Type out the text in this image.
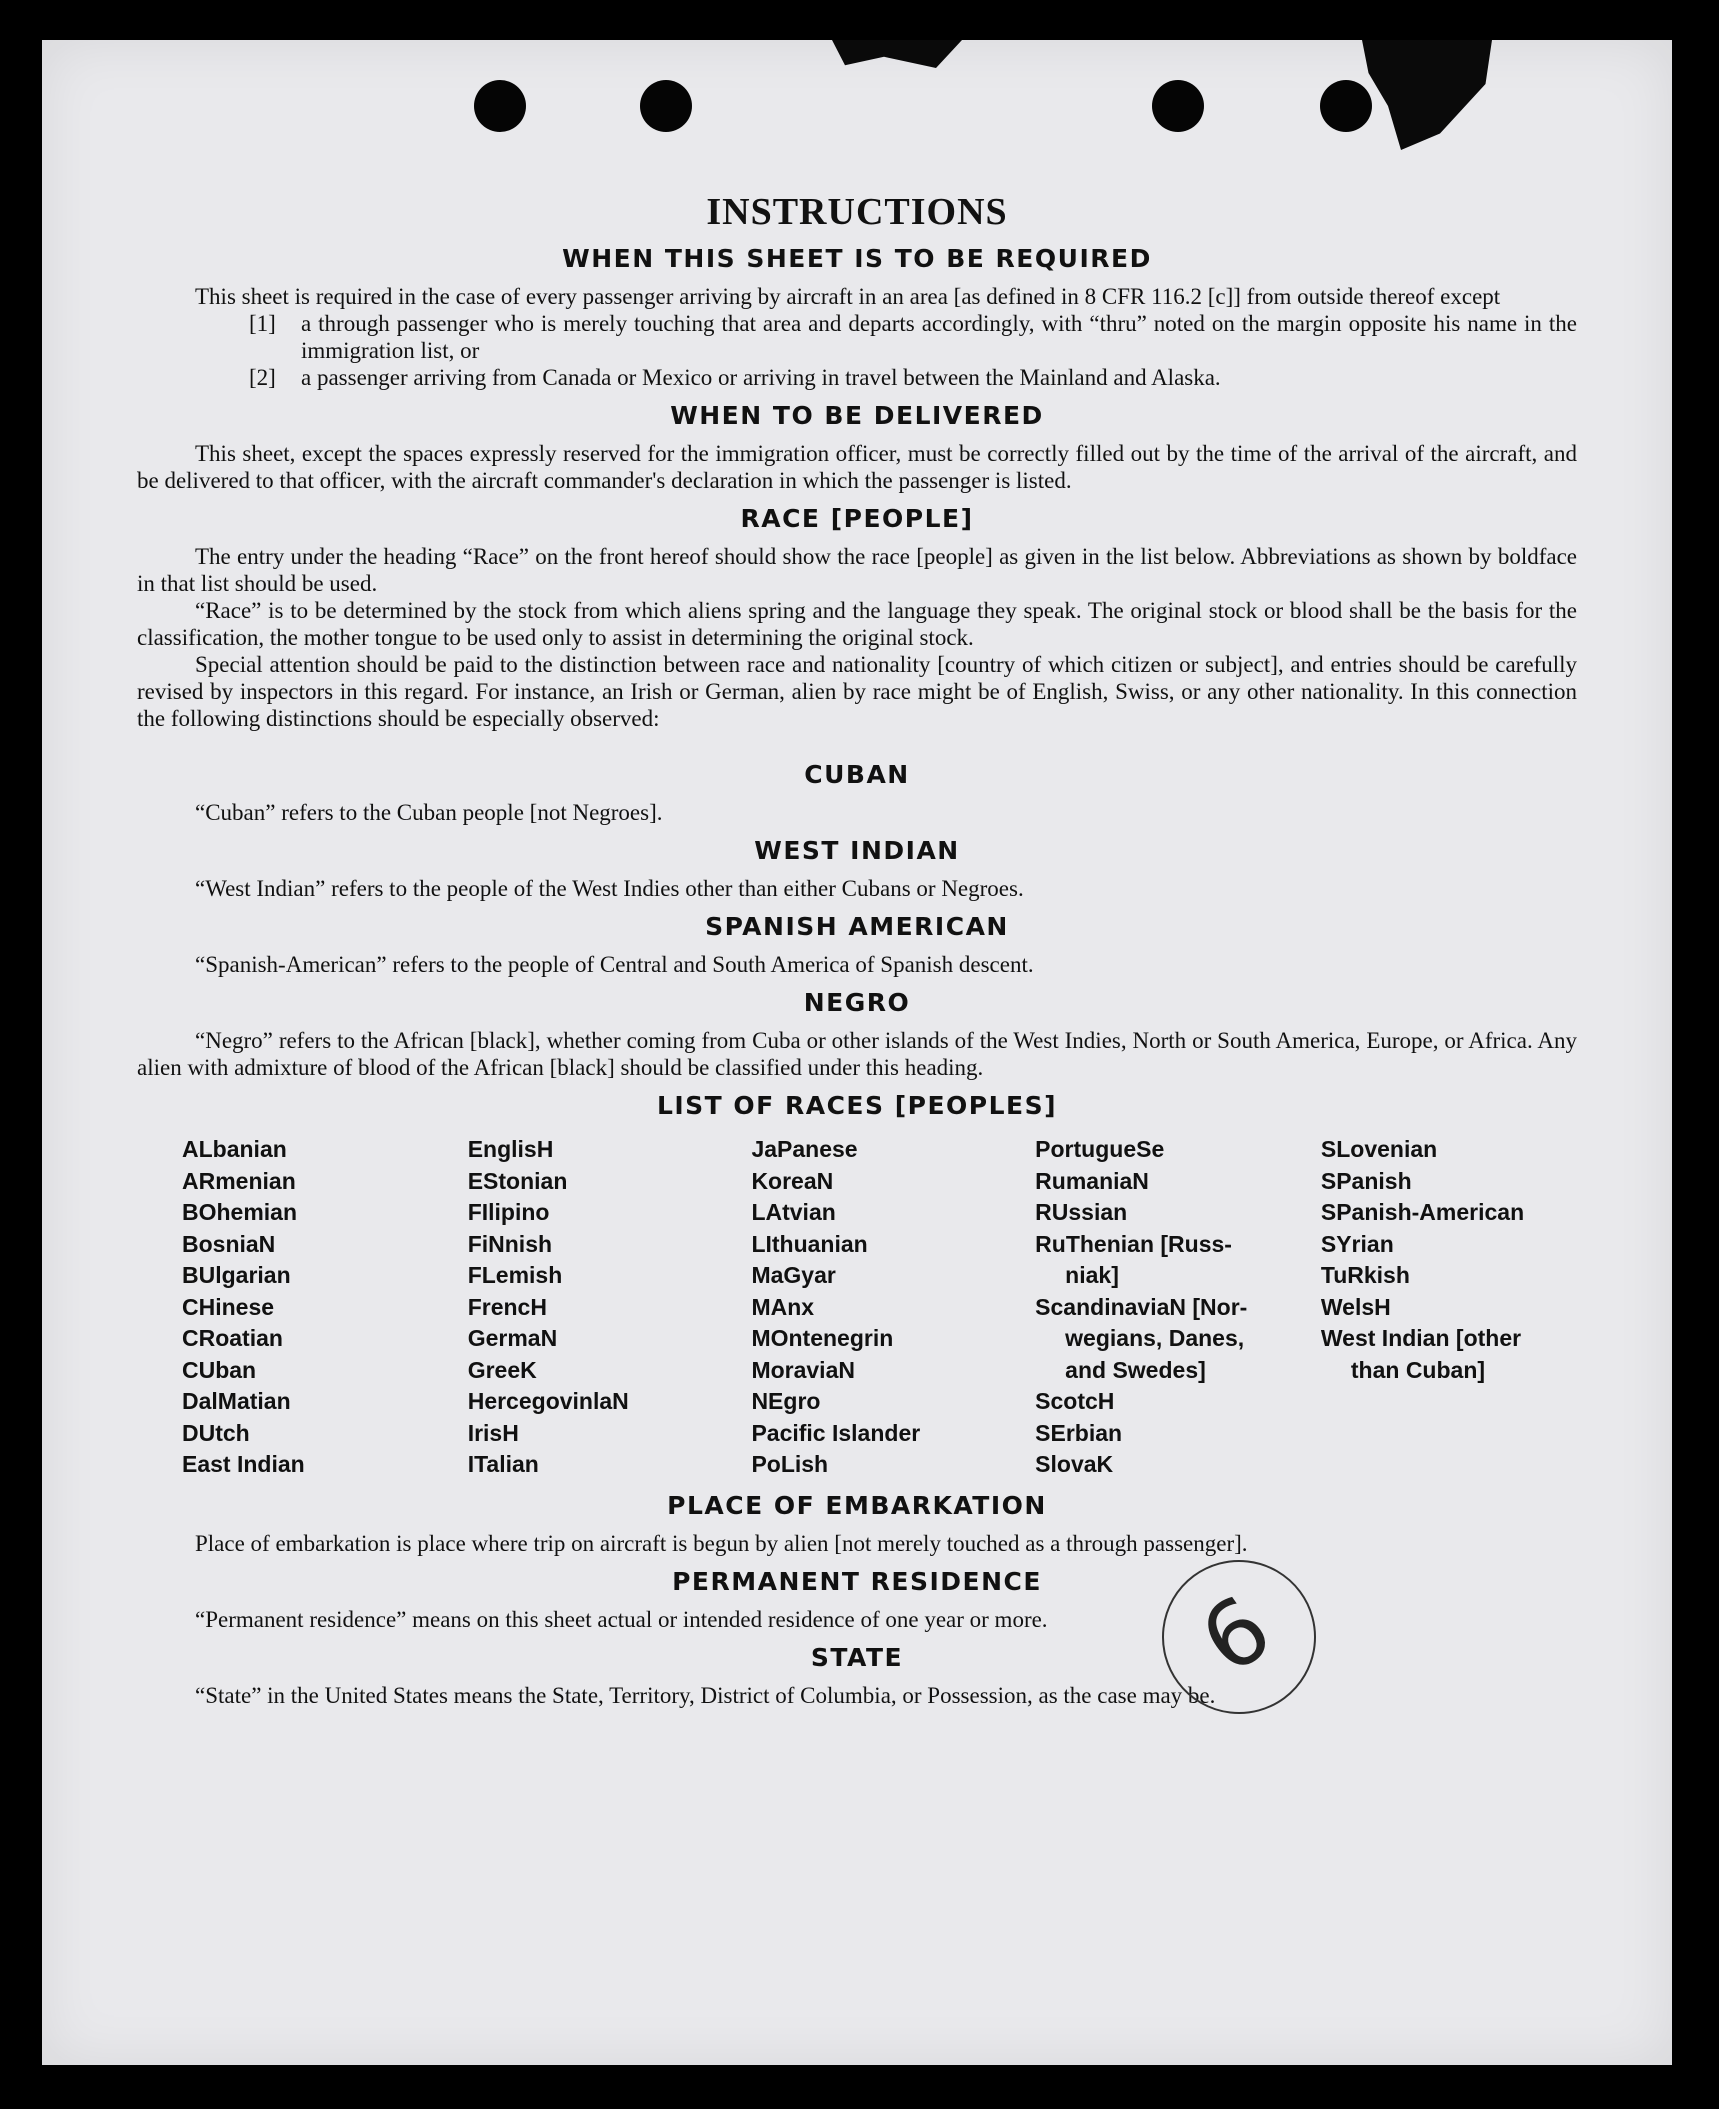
INSTRUCTIONS
WHEN THIS SHEET IS TO BE REQUIRED

This sheet is required in the case of every passenger arriving by aircraft in an area [as defined in 8 CFR 116.2 [c]] from outside thereof except

[1]	a through passenger who is merely touching that area and departs accordingly, with “thru” noted on the margin opposite his name in the immigration list, or
[2]	a passenger arriving from Canada or Mexico or arriving in travel between the Mainland and Alaska.
WHEN TO BE DELIVERED

This sheet, except the spaces expressly reserved for the immigration officer, must be correctly filled out by the time of the arrival of the aircraft, and be delivered to that officer, with the aircraft commander's declaration in which the passenger is listed.

RACE [PEOPLE]

The entry under the heading “Race” on the front hereof should show the race [people] as given in the list below. Abbreviations as shown by boldface in that list should be used.

“Race” is to be determined by the stock from which aliens spring and the language they speak. The original stock or blood shall be the basis for the classification, the mother tongue to be used only to assist in determining the original stock.

Special attention should be paid to the distinction between race and nationality [country of which citizen or subject], and entries should be carefully revised by inspectors in this regard. For instance, an Irish or German, alien by race might be of English, Swiss, or any other nationality. In this connection the following distinctions should be especially observed:

CUBAN

“Cuban” refers to the Cuban people [not Negroes].

WEST INDIAN

“West Indian” refers to the people of the West Indies other than either Cubans or Negroes.

SPANISH AMERICAN

“Spanish-American” refers to the people of Central and South America of Spanish descent.

NEGRO

“Negro” refers to the African [black], whether coming from Cuba or other islands of the West Indies, North or South America, Europe, or Africa. Any alien with admixture of blood of the African [black] should be classified under this heading.

LIST OF RACES [PEOPLES]
ALbanian
ARmenian
BOhemian
BosniaN
BUlgarian
CHinese
CRoatian
CUban
DalMatian
DUtch
East Indian
EnglisH
EStonian
FIlipino
FiNnish
FLemish
FrencH
GermaN
GreeK
HercegovinlaN
IrisH
ITalian
JaPanese
KoreaN
LAtvian
LIthuanian
MaGyar
MAnx
MOntenegrin
MoraviaN
NEgro
Pacific Islander
PoLish
PortugueSe
RumaniaN
RUssian
RuThenian [Russ-
niak]
ScandinaviaN [Nor-
wegians, Danes,
and Swedes]
ScotcH
SErbian
SlovaK
SLovenian
SPanish
SPanish-American
SYrian
TuRkish
WelsH
West Indian [other
than Cuban]
PLACE OF EMBARKATION

Place of embarkation is place where trip on aircraft is begun by alien [not merely touched as a through passenger].

PERMANENT RESIDENCE

“Permanent residence” means on this sheet actual or intended residence of one year or more.

STATE

“State” in the United States means the State, Territory, District of Columbia, or Possession, as the case may be.

6
